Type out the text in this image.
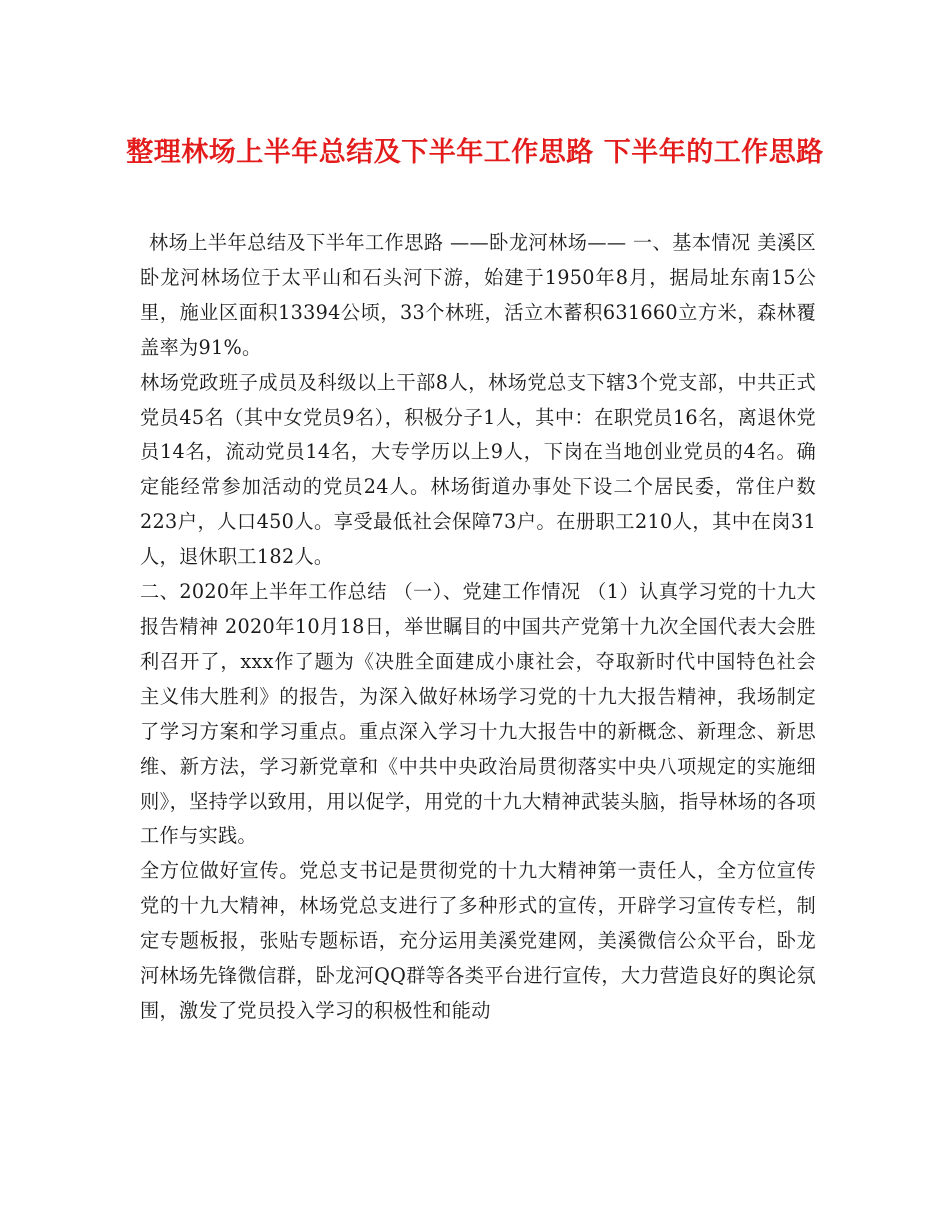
整理林场上半年总结及下半年工作思路 下半年的工作思路

林场上半年总结及下半年工作思路 ——卧龙河林场—— 一、基本情况 美溪区卧龙河林场位于太平山和石头河下游，始建于1950年8月，据局址东南15公里，施业区面积13394公顷，33个林班，活立木蓄积631660立方米，森林覆盖率为91%。

林场党政班子成员及科级以上干部8人，林场党总支下辖3个党支部，中共正式党员45名（其中女党员9名），积极分子1人，其中：在职党员16名，离退休党员14名，流动党员14名，大专学历以上9人，下岗在当地创业党员的4名。确定能经常参加活动的党员24人。林场街道办事处下设二个居民委，常住户数223户，人口450人。享受最低社会保障73户。在册职工210人，其中在岗31人，退休职工182人。

二、2020年上半年工作总结 （一）、党建工作情况 （1）认真学习党的十九大报告精神 2020年10月18日，举世瞩目的中国共产党第十九次全国代表大会胜利召开了，xxx作了题为《决胜全面建成小康社会，夺取新时代中国特色社会主义伟大胜利》的报告，为深入做好林场学习党的十九大报告精神，我场制定了学习方案和学习重点。重点深入学习十九大报告中的新概念、新理念、新思维、新方法，学习新党章和《中共中央政治局贯彻落实中央八项规定的实施细则》，坚持学以致用，用以促学，用党的十九大精神武装头脑，指导林场的各项工作与实践。

全方位做好宣传。党总支书记是贯彻党的十九大精神第一责任人，全方位宣传党的十九大精神，林场党总支进行了多种形式的宣传，开辟学习宣传专栏，制定专题板报，张贴专题标语，充分运用美溪党建网，美溪微信公众平台，卧龙河林场先锋微信群，卧龙河QQ群等各类平台进行宣传，大力营造良好的舆论氛围，激发了党员投入学习的积极性和能动
